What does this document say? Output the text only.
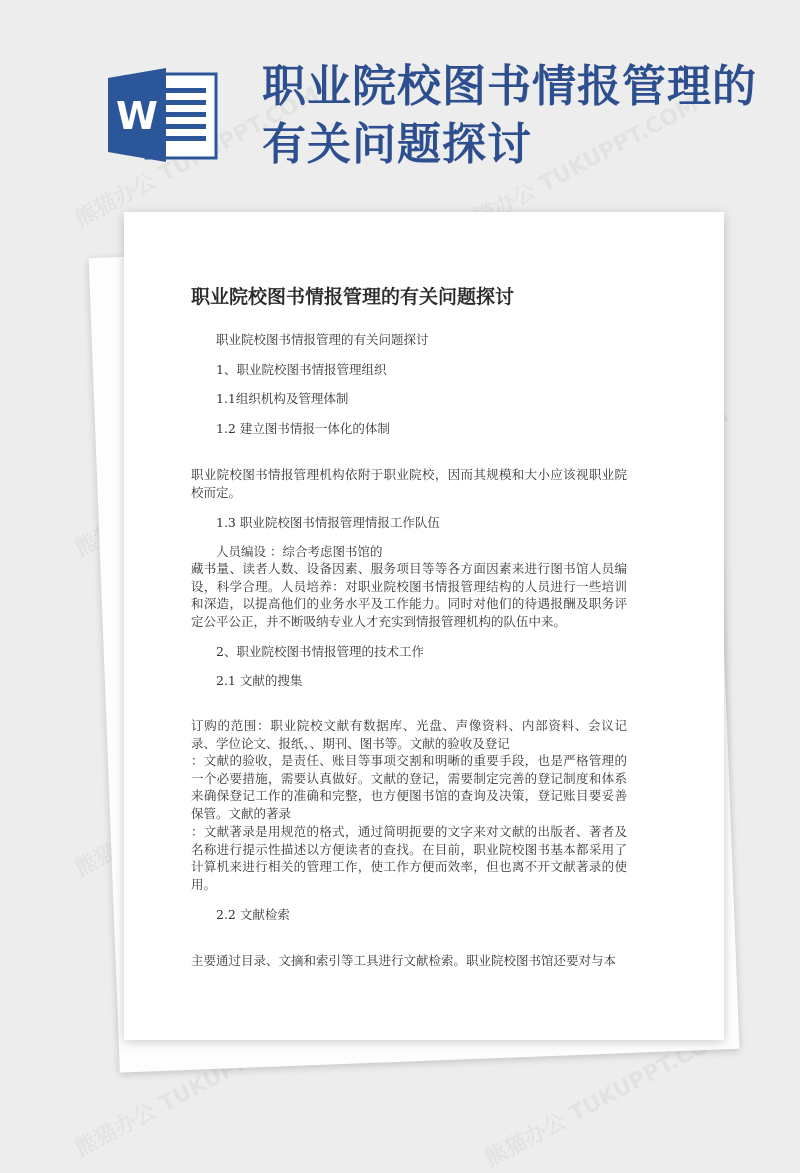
W
职业院校图书情报管理的有关问题探讨
职业院校图书情报管理的有关问题探讨
职业院校图书情报管理的有关问题探讨
1、职业院校图书情报管理组织
1.1组织机构及管理体制
1.2 建立图书情报一体化的体制
职业院校图书情报管理机构依附于职业院校，因而其规模和大小应该视职业院校而定。
1.3 职业院校图书情报管理情报工作队伍
人员编设 ：综合考虑图书馆的
藏书量、读者人数、设备因素、服务项目等等各方面因素来进行图书馆人员编设，科学合理。人员培养：对职业院校图书情报管理结构的人员进行一些培训和深造，以提高他们的业务水平及工作能力。同时对他们的待遇报酬及职务评定公平公正，并不断吸纳专业人才充实到情报管理机构的队伍中来。
2、职业院校图书情报管理的技术工作
2.1 文献的搜集
订购的范围：职业院校文献有数据库、光盘、声像资料、内部资料、会议记录、学位论文、报纸、、期刊、图书等。文献的验收及登记
：文献的验收，是责任、账目等事项交割和明晰的重要手段，也是严格管理的一个必要措施，需要认真做好。文献的登记，需要制定完善的登记制度和体系来确保登记工作的准确和完整，也方便图书馆的查询及决策，登记账目要妥善保管。文献的著录
：文献著录是用规范的格式，通过简明扼要的文字来对文献的出版者、著者及名称进行提示性描述以方便读者的查找。在目前，职业院校图书基本都采用了计算机来进行相关的管理工作，使工作方便而效率，但也离不开文献著录的使用。
2.2 文献检索
主要通过目录、文摘和索引等工具进行文献检索。职业院校图书馆还要对与本
